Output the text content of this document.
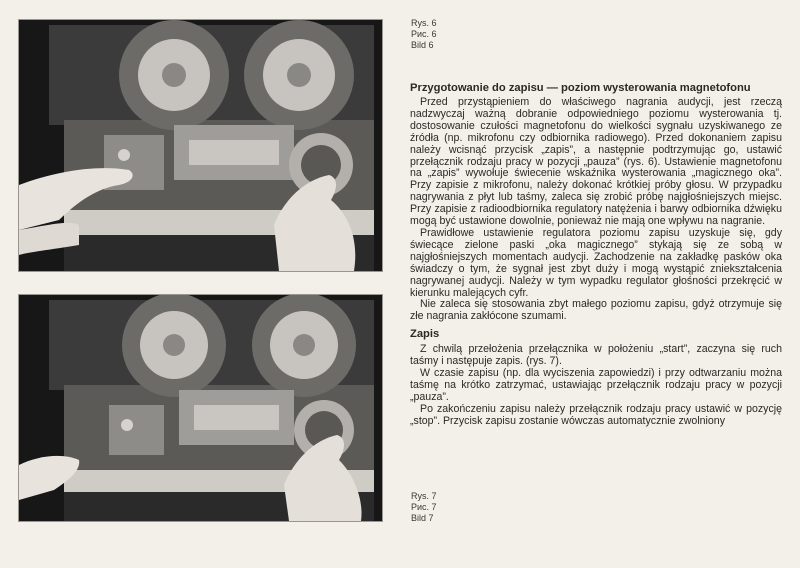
Rys. 6
Рис. 6
Bild 6
Rys. 7
Рис. 7
Bild 7
Przygotowanie do zapisu — poziom wysterowania magnetofonu

Przed przystąpieniem do właściwego nagrania audycji, jest rzeczą nadzwyczaj ważną dobranie odpowiedniego poziomu wysterowania tj. dostosowanie czułości magnetofonu do wielkości sygnału uzyskiwanego ze źródła (np. mikrofonu czy odbiornika radiowego). Przed dokonaniem zapisu należy wcisnąć przycisk „zapis”, a następnie podtrzymując go, ustawić przełącznik rodzaju pracy w pozycji „pauza” (rys. 6). Ustawienie magnetofonu na „zapis” wywołuje świecenie wskaźnika wysterowania „magicznego oka”. Przy zapisie z mikrofonu, należy dokonać krótkiej próby głosu. W przypadku nagrywania z płyt lub taśmy, zaleca się zrobić próbę najgłośniejszych miejsc. Przy zapisie z radioodbiornika regulatory natężenia i barwy odbiornika dźwięku mogą być ustawione dowolnie, ponieważ nie mają one wpływu na nagranie.

Prawidłowe ustawienie regulatora poziomu zapisu uzyskuje się, gdy świecące zielone paski „oka magicznego” stykają się ze sobą w najgłośniejszych momentach audycji. Zachodzenie na zakładkę pasków oka świadczy o tym, że sygnał jest zbyt duży i mogą wystąpić zniekształcenia nagrywanej audycji. Należy w tym wypadku regulator głośności przekręcić w kierunku malejących cyfr.

Nie zaleca się stosowania zbyt małego poziomu zapisu, gdyż otrzymuje się złe nagrania zakłócone szumami.

Zapis

Z chwilą przełożenia przełącznika w położeniu „start”, zaczyna się ruch taśmy i następuje zapis. (rys. 7).

W czasie zapisu (np. dla wyciszenia zapowiedzi) i przy odtwarzaniu można taśmę na krótko zatrzymać, ustawiając przełącznik rodzaju pracy w pozycji „pauza”.

Po zakończeniu zapisu należy przełącznik rodzaju pracy ustawić w pozycję „stop”. Przycisk zapisu zostanie wówczas automatycznie zwolniony
